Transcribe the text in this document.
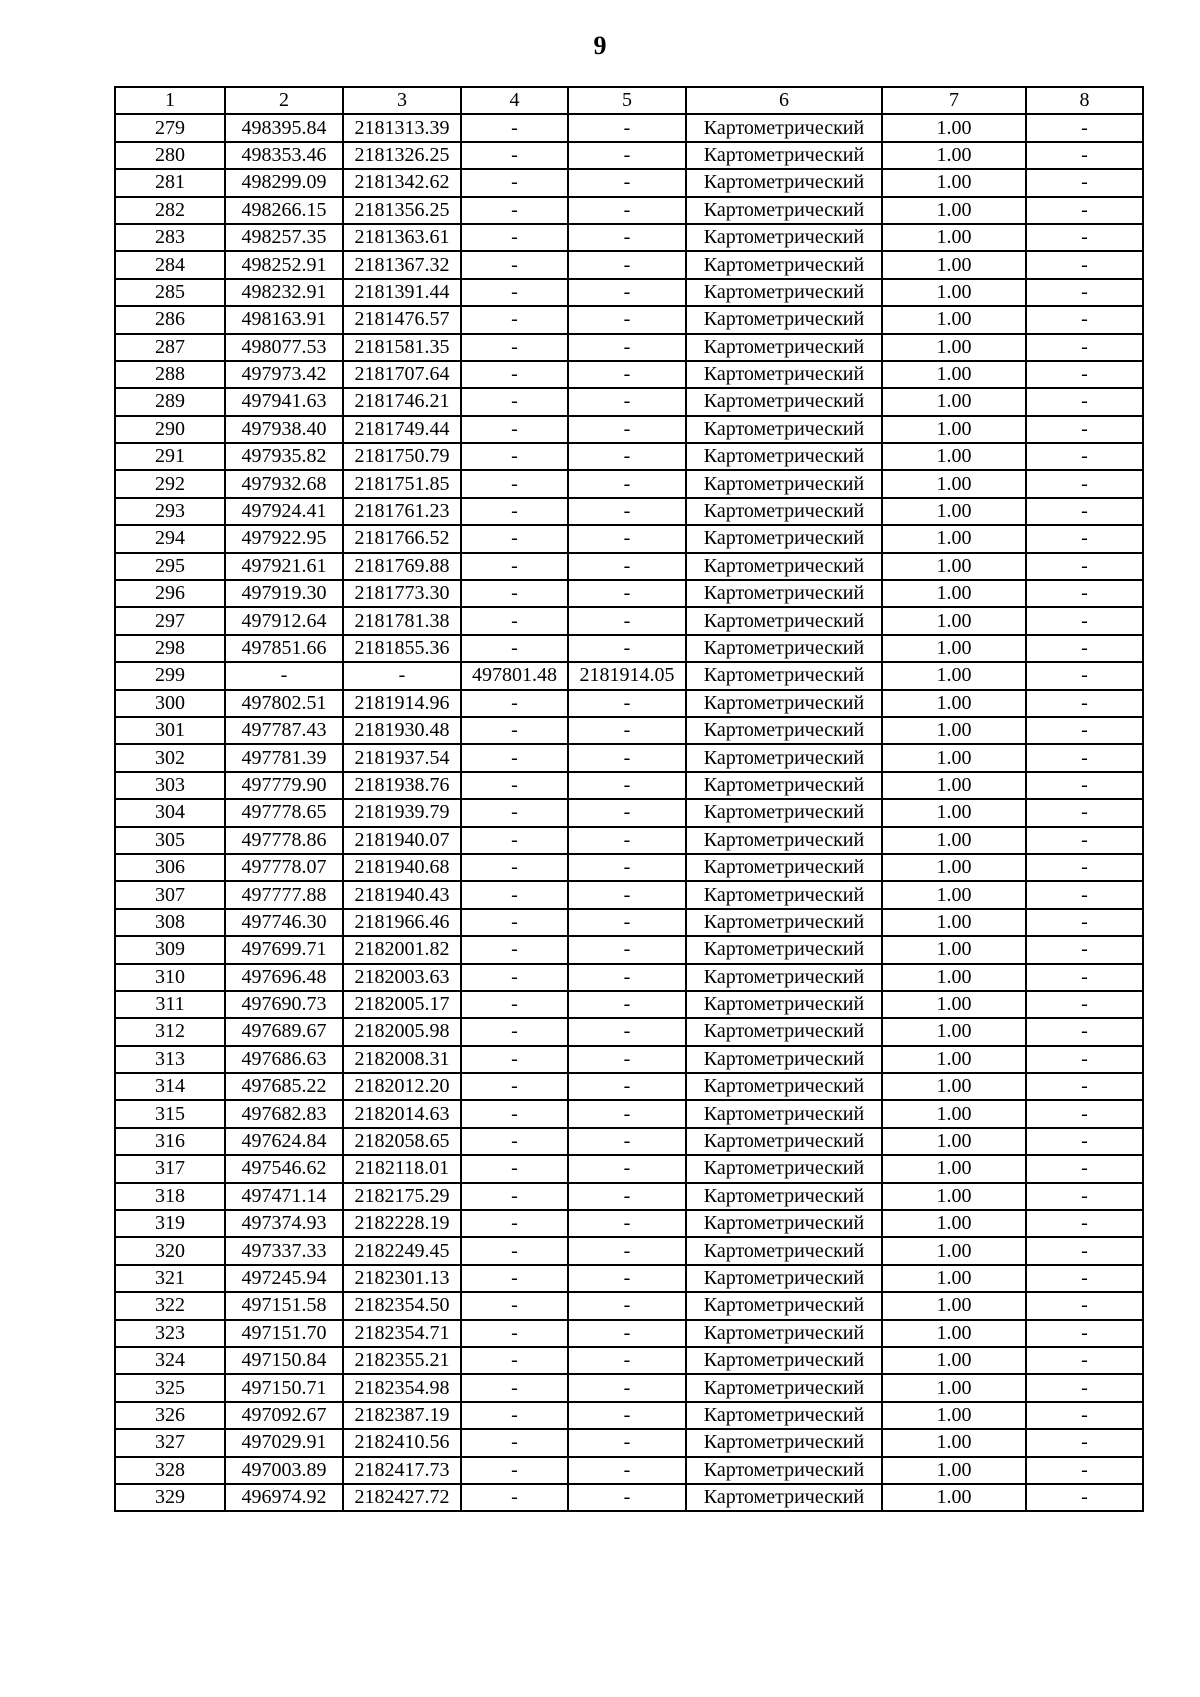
9
1	2	3	4	5	6	7	8
279	498395.84	2181313.39	-	-	Картометрический	1.00	-
280	498353.46	2181326.25	-	-	Картометрический	1.00	-
281	498299.09	2181342.62	-	-	Картометрический	1.00	-
282	498266.15	2181356.25	-	-	Картометрический	1.00	-
283	498257.35	2181363.61	-	-	Картометрический	1.00	-
284	498252.91	2181367.32	-	-	Картометрический	1.00	-
285	498232.91	2181391.44	-	-	Картометрический	1.00	-
286	498163.91	2181476.57	-	-	Картометрический	1.00	-
287	498077.53	2181581.35	-	-	Картометрический	1.00	-
288	497973.42	2181707.64	-	-	Картометрический	1.00	-
289	497941.63	2181746.21	-	-	Картометрический	1.00	-
290	497938.40	2181749.44	-	-	Картометрический	1.00	-
291	497935.82	2181750.79	-	-	Картометрический	1.00	-
292	497932.68	2181751.85	-	-	Картометрический	1.00	-
293	497924.41	2181761.23	-	-	Картометрический	1.00	-
294	497922.95	2181766.52	-	-	Картометрический	1.00	-
295	497921.61	2181769.88	-	-	Картометрический	1.00	-
296	497919.30	2181773.30	-	-	Картометрический	1.00	-
297	497912.64	2181781.38	-	-	Картометрический	1.00	-
298	497851.66	2181855.36	-	-	Картометрический	1.00	-
299	-	-	497801.48	2181914.05	Картометрический	1.00	-
300	497802.51	2181914.96	-	-	Картометрический	1.00	-
301	497787.43	2181930.48	-	-	Картометрический	1.00	-
302	497781.39	2181937.54	-	-	Картометрический	1.00	-
303	497779.90	2181938.76	-	-	Картометрический	1.00	-
304	497778.65	2181939.79	-	-	Картометрический	1.00	-
305	497778.86	2181940.07	-	-	Картометрический	1.00	-
306	497778.07	2181940.68	-	-	Картометрический	1.00	-
307	497777.88	2181940.43	-	-	Картометрический	1.00	-
308	497746.30	2181966.46	-	-	Картометрический	1.00	-
309	497699.71	2182001.82	-	-	Картометрический	1.00	-
310	497696.48	2182003.63	-	-	Картометрический	1.00	-
311	497690.73	2182005.17	-	-	Картометрический	1.00	-
312	497689.67	2182005.98	-	-	Картометрический	1.00	-
313	497686.63	2182008.31	-	-	Картометрический	1.00	-
314	497685.22	2182012.20	-	-	Картометрический	1.00	-
315	497682.83	2182014.63	-	-	Картометрический	1.00	-
316	497624.84	2182058.65	-	-	Картометрический	1.00	-
317	497546.62	2182118.01	-	-	Картометрический	1.00	-
318	497471.14	2182175.29	-	-	Картометрический	1.00	-
319	497374.93	2182228.19	-	-	Картометрический	1.00	-
320	497337.33	2182249.45	-	-	Картометрический	1.00	-
321	497245.94	2182301.13	-	-	Картометрический	1.00	-
322	497151.58	2182354.50	-	-	Картометрический	1.00	-
323	497151.70	2182354.71	-	-	Картометрический	1.00	-
324	497150.84	2182355.21	-	-	Картометрический	1.00	-
325	497150.71	2182354.98	-	-	Картометрический	1.00	-
326	497092.67	2182387.19	-	-	Картометрический	1.00	-
327	497029.91	2182410.56	-	-	Картометрический	1.00	-
328	497003.89	2182417.73	-	-	Картометрический	1.00	-
329	496974.92	2182427.72	-	-	Картометрический	1.00	-
